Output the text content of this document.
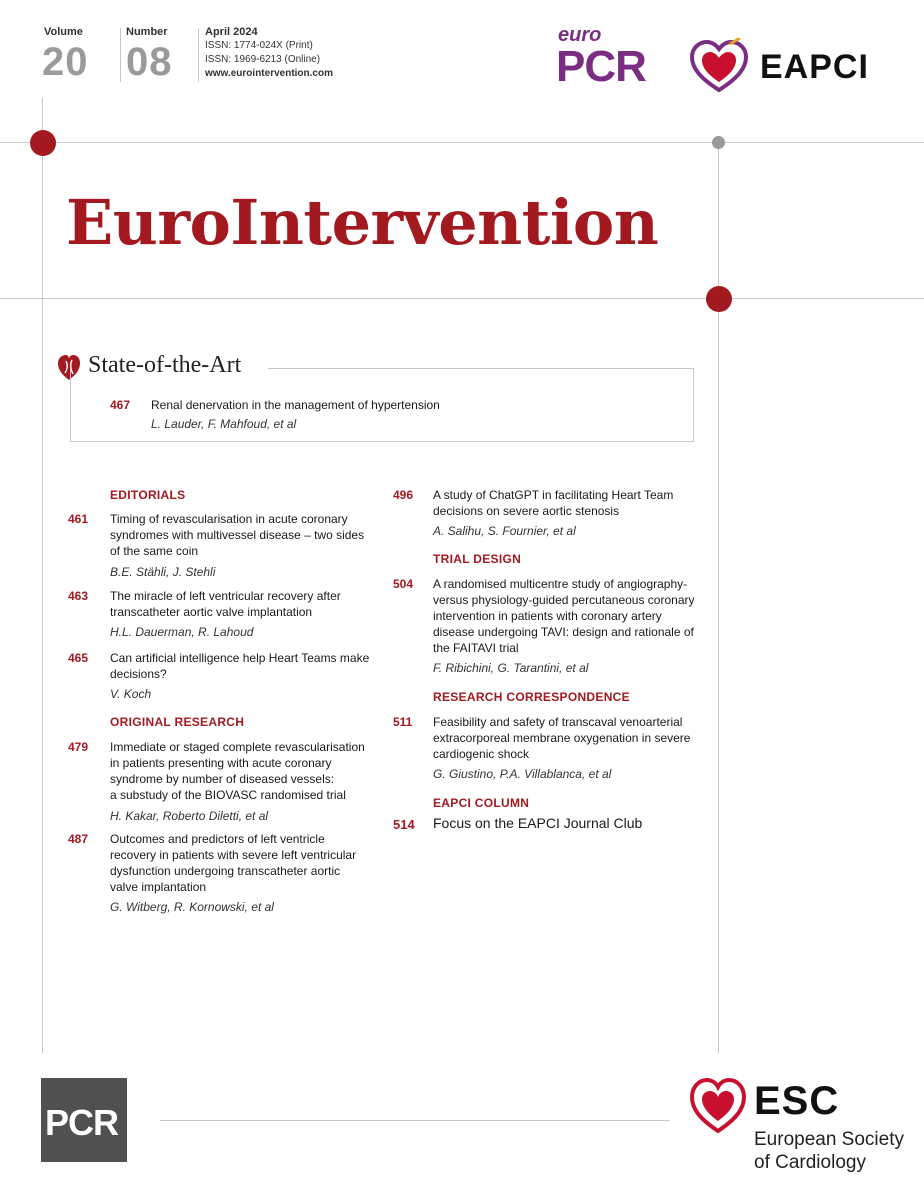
Volume
20
Number
08
April 2024
ISSN: 1774-024X (Print)
ISSN: 1969-6213 (Online)
www.eurointervention.com
euro
PCR	EAPCI
EuroIntervention
State-of-the-Art
467 Renal denervation in the management of hypertension
L. Lauder, F. Mahfoud, et al
EDITORIALS
461 Timing of revascularisation in acute coronary
syndromes with multivessel disease – two sides
of the same coin
B.E. Stähli, J. Stehli
463 The miracle of left ventricular recovery after
transcatheter aortic valve implantation
H.L. Dauerman, R. Lahoud
465 Can artificial intelligence help Heart Teams make
decisions?
V. Koch
ORIGINAL RESEARCH
479 Immediate or staged complete revascularisation
in patients presenting with acute coronary
syndrome by number of diseased vessels:
a substudy of the BIOVASC randomised trial
H. Kakar, Roberto Diletti, et al
487 Outcomes and predictors of left ventricle
recovery in patients with severe left ventricular
dysfunction undergoing transcatheter aortic
valve implantation
G. Witberg, R. Kornowski, et al
496 A study of ChatGPT in facilitating Heart Team
decisions on severe aortic stenosis
A. Salihu, S. Fournier, et al
TRIAL DESIGN
504 A randomised multicentre study of angiography-
versus physiology-guided percutaneous coronary
intervention in patients with coronary artery
disease undergoing TAVI: design and rationale of
the FAITAVI trial
F. Ribichini, G. Tarantini, et al
RESEARCH CORRESPONDENCE
511 Feasibility and safety of transcaval venoarterial
extracorporeal membrane oxygenation in severe
cardiogenic shock
G. Giustino, P.A. Villablanca, et al
EAPCI COLUMN
514 Focus on the EAPCI Journal Club
PCR	ESC
European Society
of Cardiology
